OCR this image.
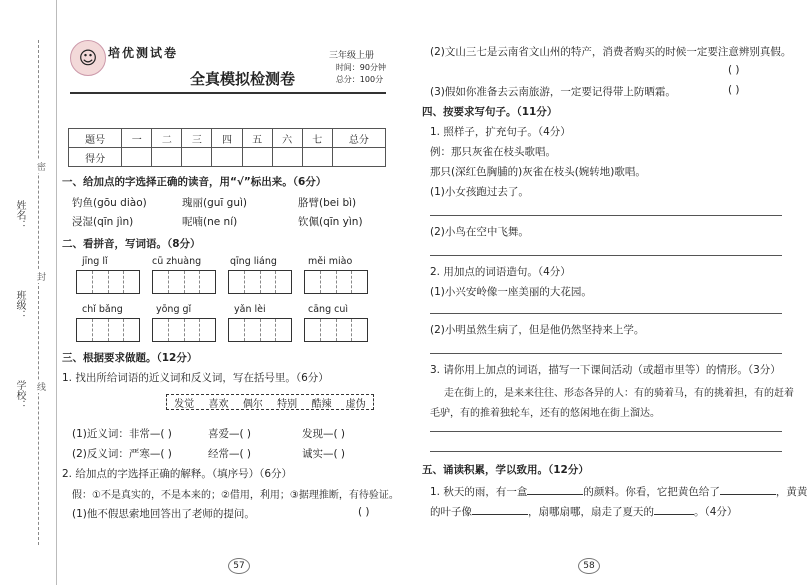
姓名：
班级：
学校：
密
封
线
☺ 培优测试卷	三年级上册
全真模拟检测卷
时间：90分钟
总分：100分
题号	一	二	三	四	五	六	七	总分
得分								
一、给加点的字选择正确的读音，用“√”标出来。（6分）
钓鱼(gōu diào)	瑰丽(guī guì)	胳臂(bei bì)
浸湿(qīn jìn)	呢喃(ne ní)	钦佩(qīn yìn)
二、看拼音，写词语。（8分）
jīng lǐ	cū zhuàng	qīng liáng	měi miào
chǐ bǎng	yōng gǐ	yǎn lèi	cāng cuì
三、根据要求做题。（12分）
1. 找出所给词语的近义词和反义词，写在括号里。（6分）
发觉 喜欢 偶尔 特别 酷辣 虚伪
(1)近义词：非常—( )	喜爱—( )	发现—( )
(2)反义词：严寒—( )	经常—( )	诚实—( )
2. 给加点的字选择正确的解释。（填序号）（6分）
假：①不是真实的，不是本来的；②借用，利用；③据理推断，有待验证。
(1)他不假思索地回答出了老师的提问。	( )
57
(2)文山三七是云南省文山州的特产，消费者购买的时候一定要注意辨别真假。
( )
(3)假如你准备去云南旅游，一定要记得带上防晒霜。	( )
四、按要求写句子。（11分）
1. 照样子，扩充句子。（4分）
例：那只灰雀在枝头歌唱。
那只(深红色胸脯的)灰雀在枝头(婉转地)歌唱。
(1)小女孩跑过去了。
(2)小鸟在空中飞舞。
2. 用加点的词语造句。（4分）
(1)小兴安岭像一座美丽的大花园。
(2)小明虽然生病了，但是他仍然坚持来上学。
3. 请你用上加点的词语，描写一下课间活动（或超市里等）的情形。（3分）
走在街上的，是来来往往、形态各异的人：有的骑着马，有的挑着担，有的赶着
毛驴，有的推着独轮车，还有的悠闲地在街上溜达。
五、诵读积累，学以致用。（12分）
1. 秋天的雨，有一盒	的颜料。你看，它把黄色给了	，黄黄
的叶子像	，扇哪扇哪，扇走了夏天的	。（4分）
58
